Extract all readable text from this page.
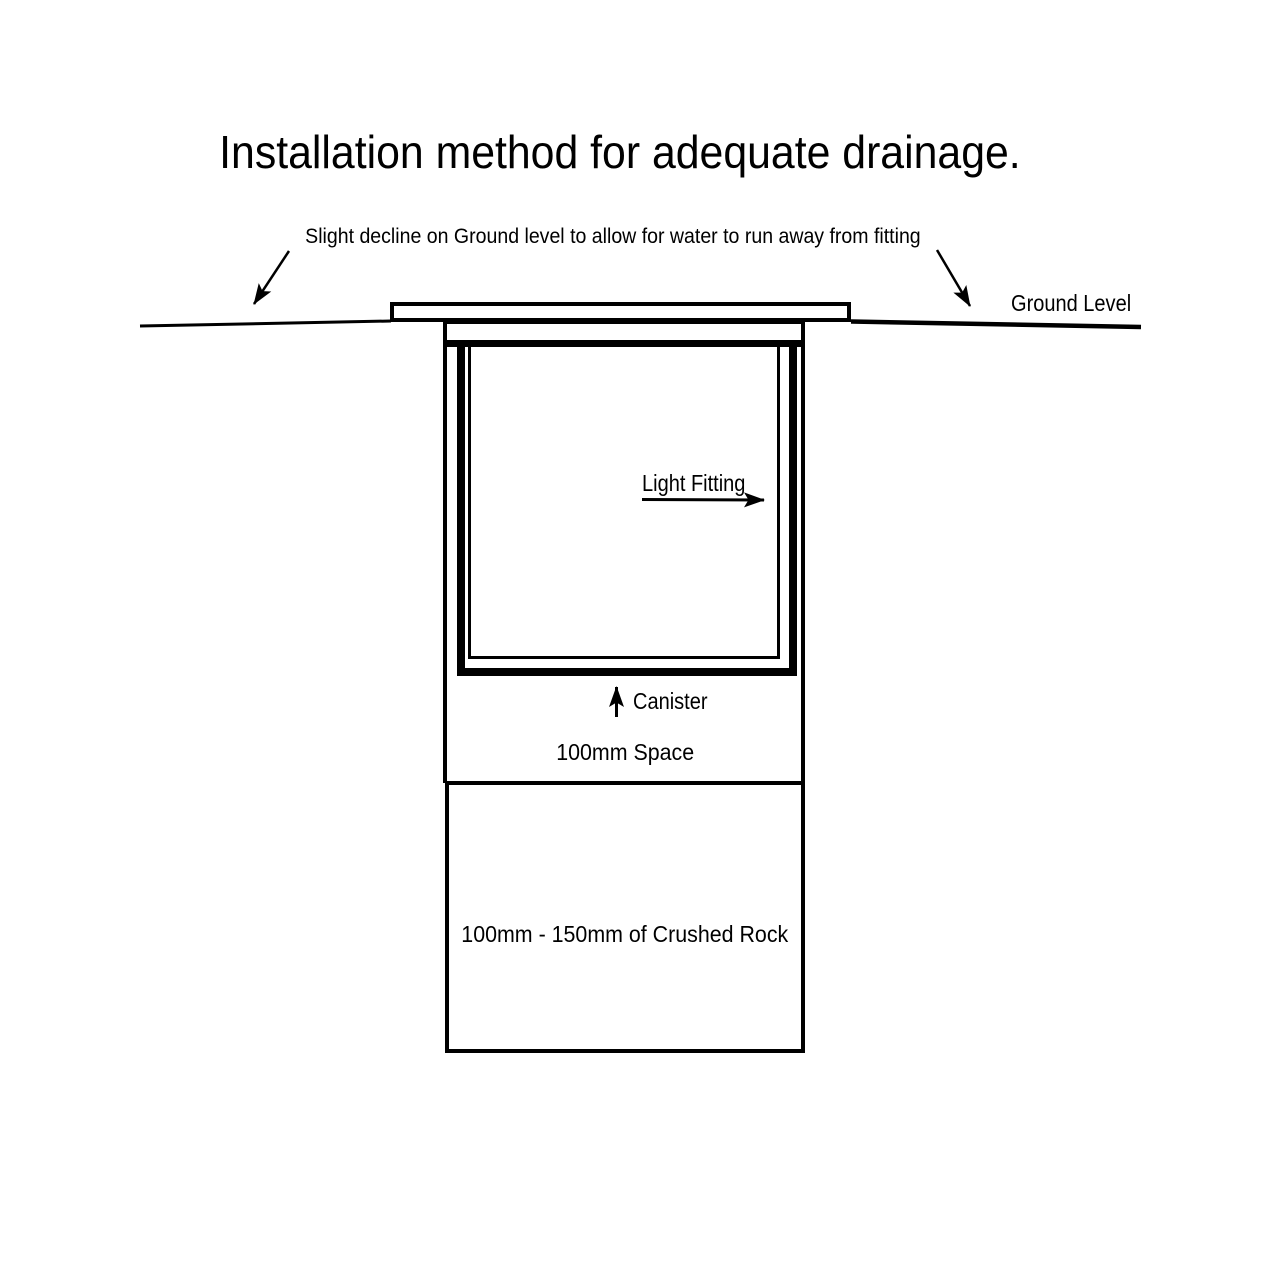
Installation method for adequate drainage.
Slight decline on Ground level to allow for water to run away from fitting
100mm - 150mm of Crushed Rock
Ground Level
Light Fitting
Canister
100mm Space
